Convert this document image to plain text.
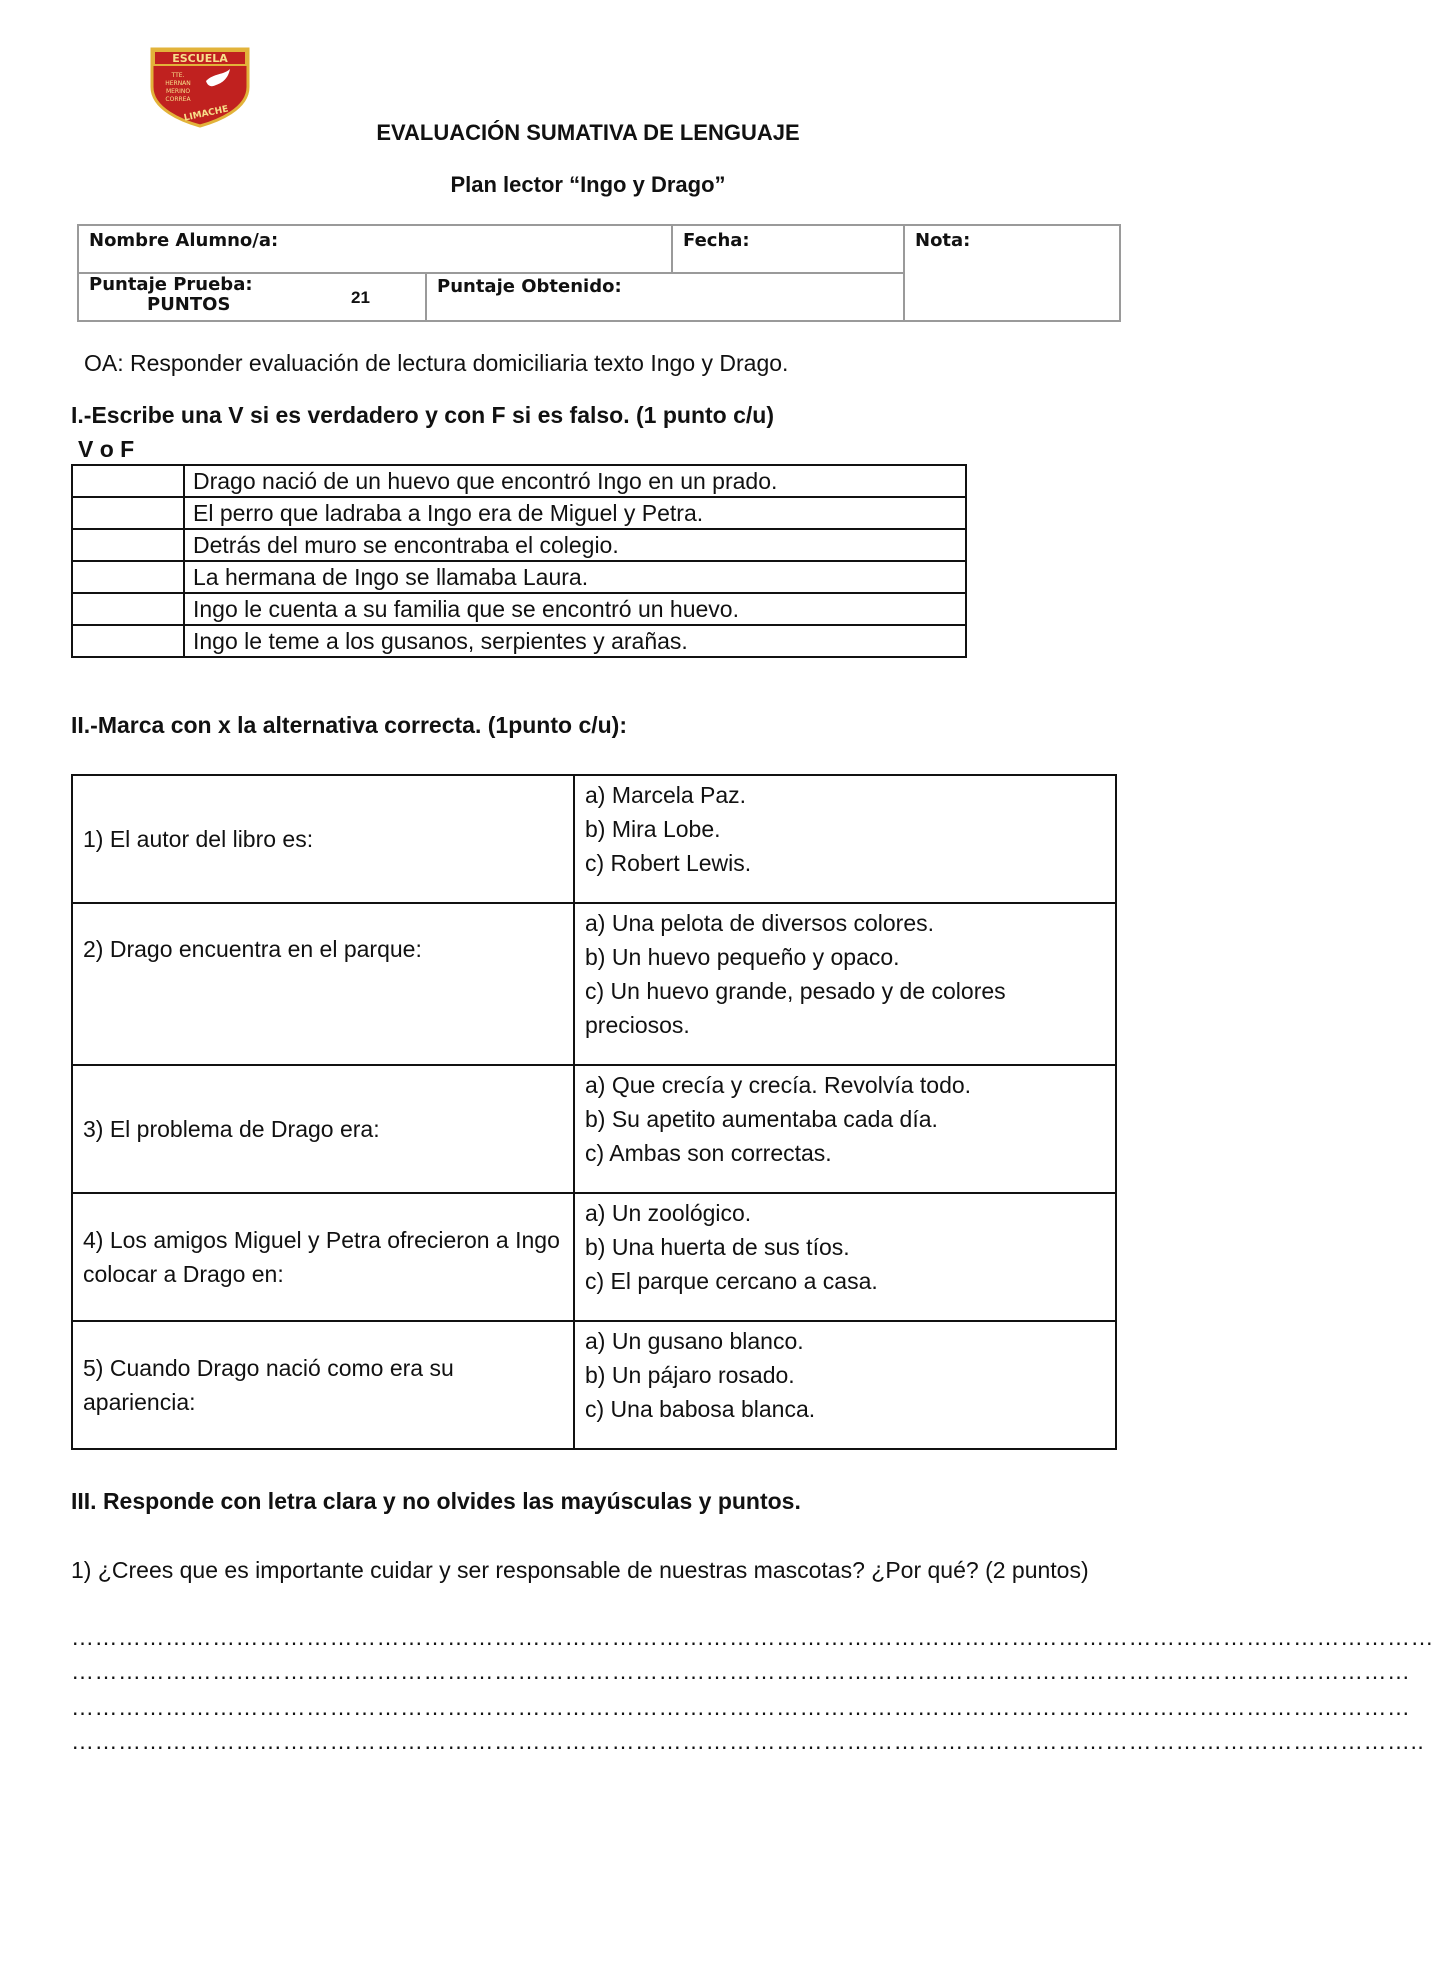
ESCUELA
TTE.
HERNAN
MERINO
CORREA
LIMACHE
EVALUACIÓN SUMATIVA DE LENGUAJE
Plan lector “Ingo y Drago”
Nombre Alumno/a:	Fecha:	Nota:
Puntaje Prueba:
PUNTOS	21
Puntaje Obtenido:
OA: Responder evaluación de lectura domiciliaria texto Ingo y Drago.
I.-Escribe una V si es verdadero y con F si es falso. (1 punto c/u)
V o F
	Drago nació de un huevo que encontró Ingo en un prado.
	El perro que ladraba a Ingo era de Miguel y Petra.
	Detrás del muro se encontraba el colegio.
	La hermana de Ingo se llamaba Laura.
	Ingo le cuenta a su familia que se encontró un huevo.
	Ingo le teme a los gusanos, serpientes y arañas.
II.-Marca con x la alternativa correcta. (1punto c/u):
1) El autor del libro es:	a) Marcela Paz.
b) Mira Lobe.
c) Robert Lewis.

2) Drago encuentra en el parque:	a) Una pelota de diversos colores.
b) Un huevo pequeño y opaco.
c) Un huevo grande, pesado y de colores preciosos.

3) El problema de Drago era:	a) Que crecía y crecía. Revolvía todo.
b) Su apetito aumentaba cada día.
c) Ambas son correctas.

4) Los amigos Miguel y Petra ofrecieron a Ingo colocar a Drago en:	a) Un zoológico.
b) Una huerta de sus tíos.
c) El parque cercano a casa.

5) Cuando Drago nació como era su apariencia:	a) Un gusano blanco.
b) Un pájaro rosado.
c) Una babosa blanca.
III. Responde con letra clara y no olvides las mayúsculas y puntos.
1) ¿Crees que es importante cuidar y ser responsable de nuestras mascotas? ¿Por qué? (2 puntos)
…………………………………………………………………………………………………………………………………………………………
………………………………………………………………………………………………………………………………………………………
………………………………………………………………………………………………………………………………………………………
………………………………………………………………………………………………………………………………………………………..
